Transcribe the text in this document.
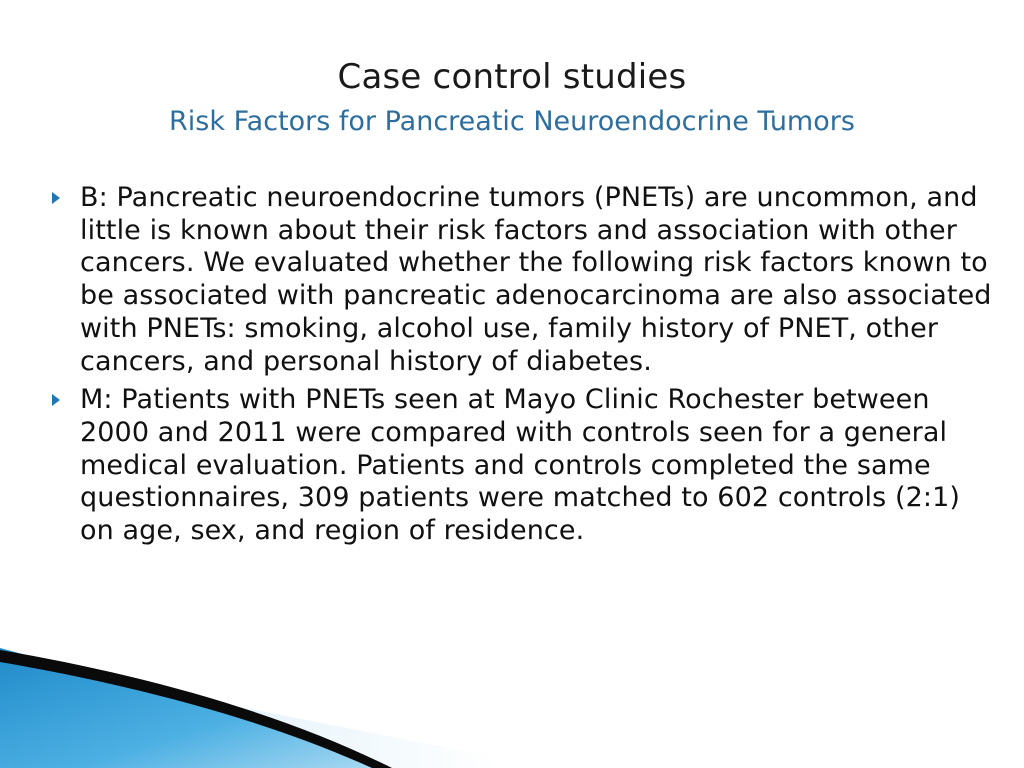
Case control studies
Risk Factors for Pancreatic Neuroendocrine Tumors
B: Pancreatic neuroendocrine tumors (PNETs) are uncommon, and little is known about their risk factors and association with other cancers. We evaluated whether the following risk factors known to be associated with pancreatic adenocarcinoma are also associated with PNETs: smoking, alcohol use, family history of PNET, other cancers, and personal history of diabetes.
M: Patients with PNETs seen at Mayo Clinic Rochester between 2000 and 2011 were compared with controls seen for a general medical evaluation. Patients and controls completed the same questionnaires, 309 patients were matched to 602 controls (2:1) on age, sex, and region of residence.
